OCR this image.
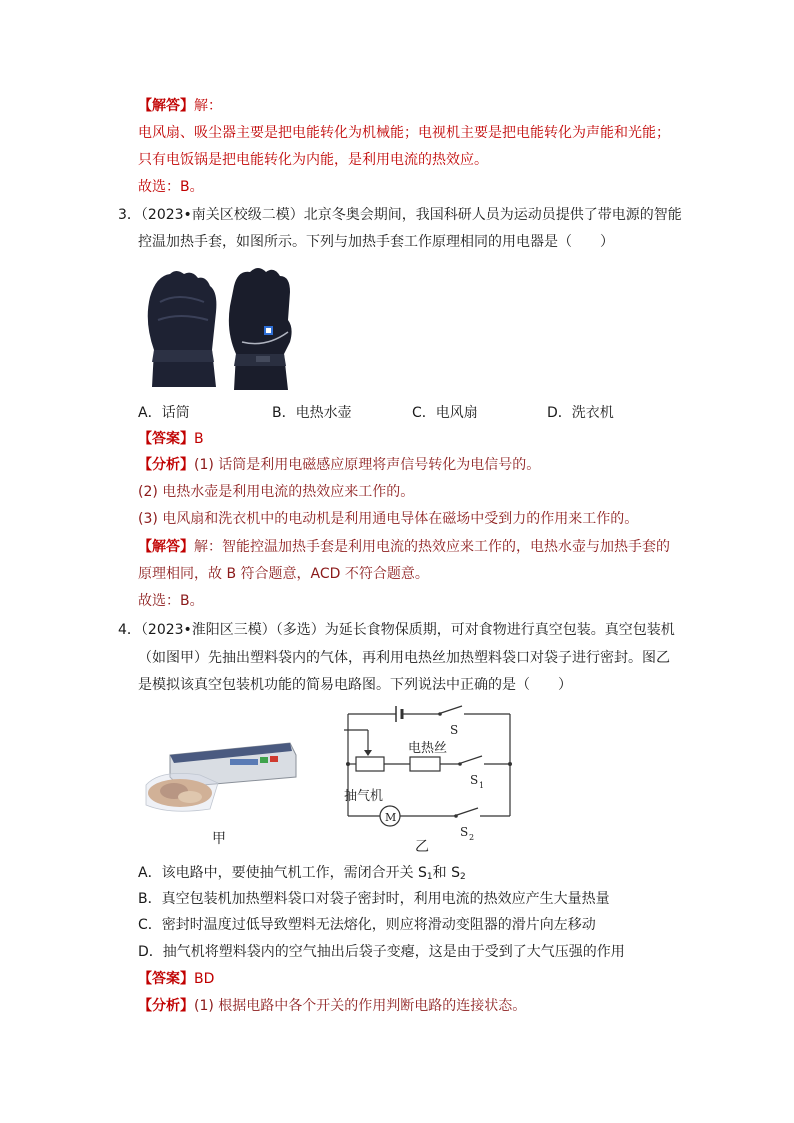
【解答】解：
电风扇、吸尘器主要是把电能转化为机械能；电视机主要是把电能转化为声能和光能；
只有电饭锅是把电能转化为内能，是利用电流的热效应。
故选：B。
3．（2023•南关区校级二模）北京冬奥会期间，我国科研人员为运动员提供了带电源的智能
控温加热手套，如图所示。下列与加热手套工作原理相同的用电器是（　　）
A．话筒	B．电热水壶	C．电风扇	D．洗衣机
【答案】B
【分析】(1) 话筒是利用电磁感应原理将声信号转化为电信号的。
(2) 电热水壶是利用电流的热效应来工作的。
(3) 电风扇和洗衣机中的电动机是利用通电导体在磁场中受到力的作用来工作的。
【解答】解：智能控温加热手套是利用电流的热效应来工作的，电热水壶与加热手套的
原理相同，故 B 符合题意，ACD 不符合题意。
故选：B。
4．（2023•淮阳区三模）（多选）为延长食物保质期，可对食物进行真空包装。真空包装机
（如图甲）先抽出塑料袋内的气体，再利用电热丝加热塑料袋口对袋子进行密封。图乙
是模拟该真空包装机功能的简易电路图。下列说法中正确的是（　　）
甲
S
电热丝
S 1
抽气机
M
S 2
乙
A．该电路中，要使抽气机工作，需闭合开关 $S_1$和 $S_2$
B．真空包装机加热塑料袋口对袋子密封时，利用电流的热效应产生大量热量
C．密封时温度过低导致塑料无法熔化，则应将滑动变阻器的滑片向左移动
D．抽气机将塑料袋内的空气抽出后袋子变瘪，这是由于受到了大气压强的作用
【答案】BD
【分析】(1) 根据电路中各个开关的作用判断电路的连接状态。
